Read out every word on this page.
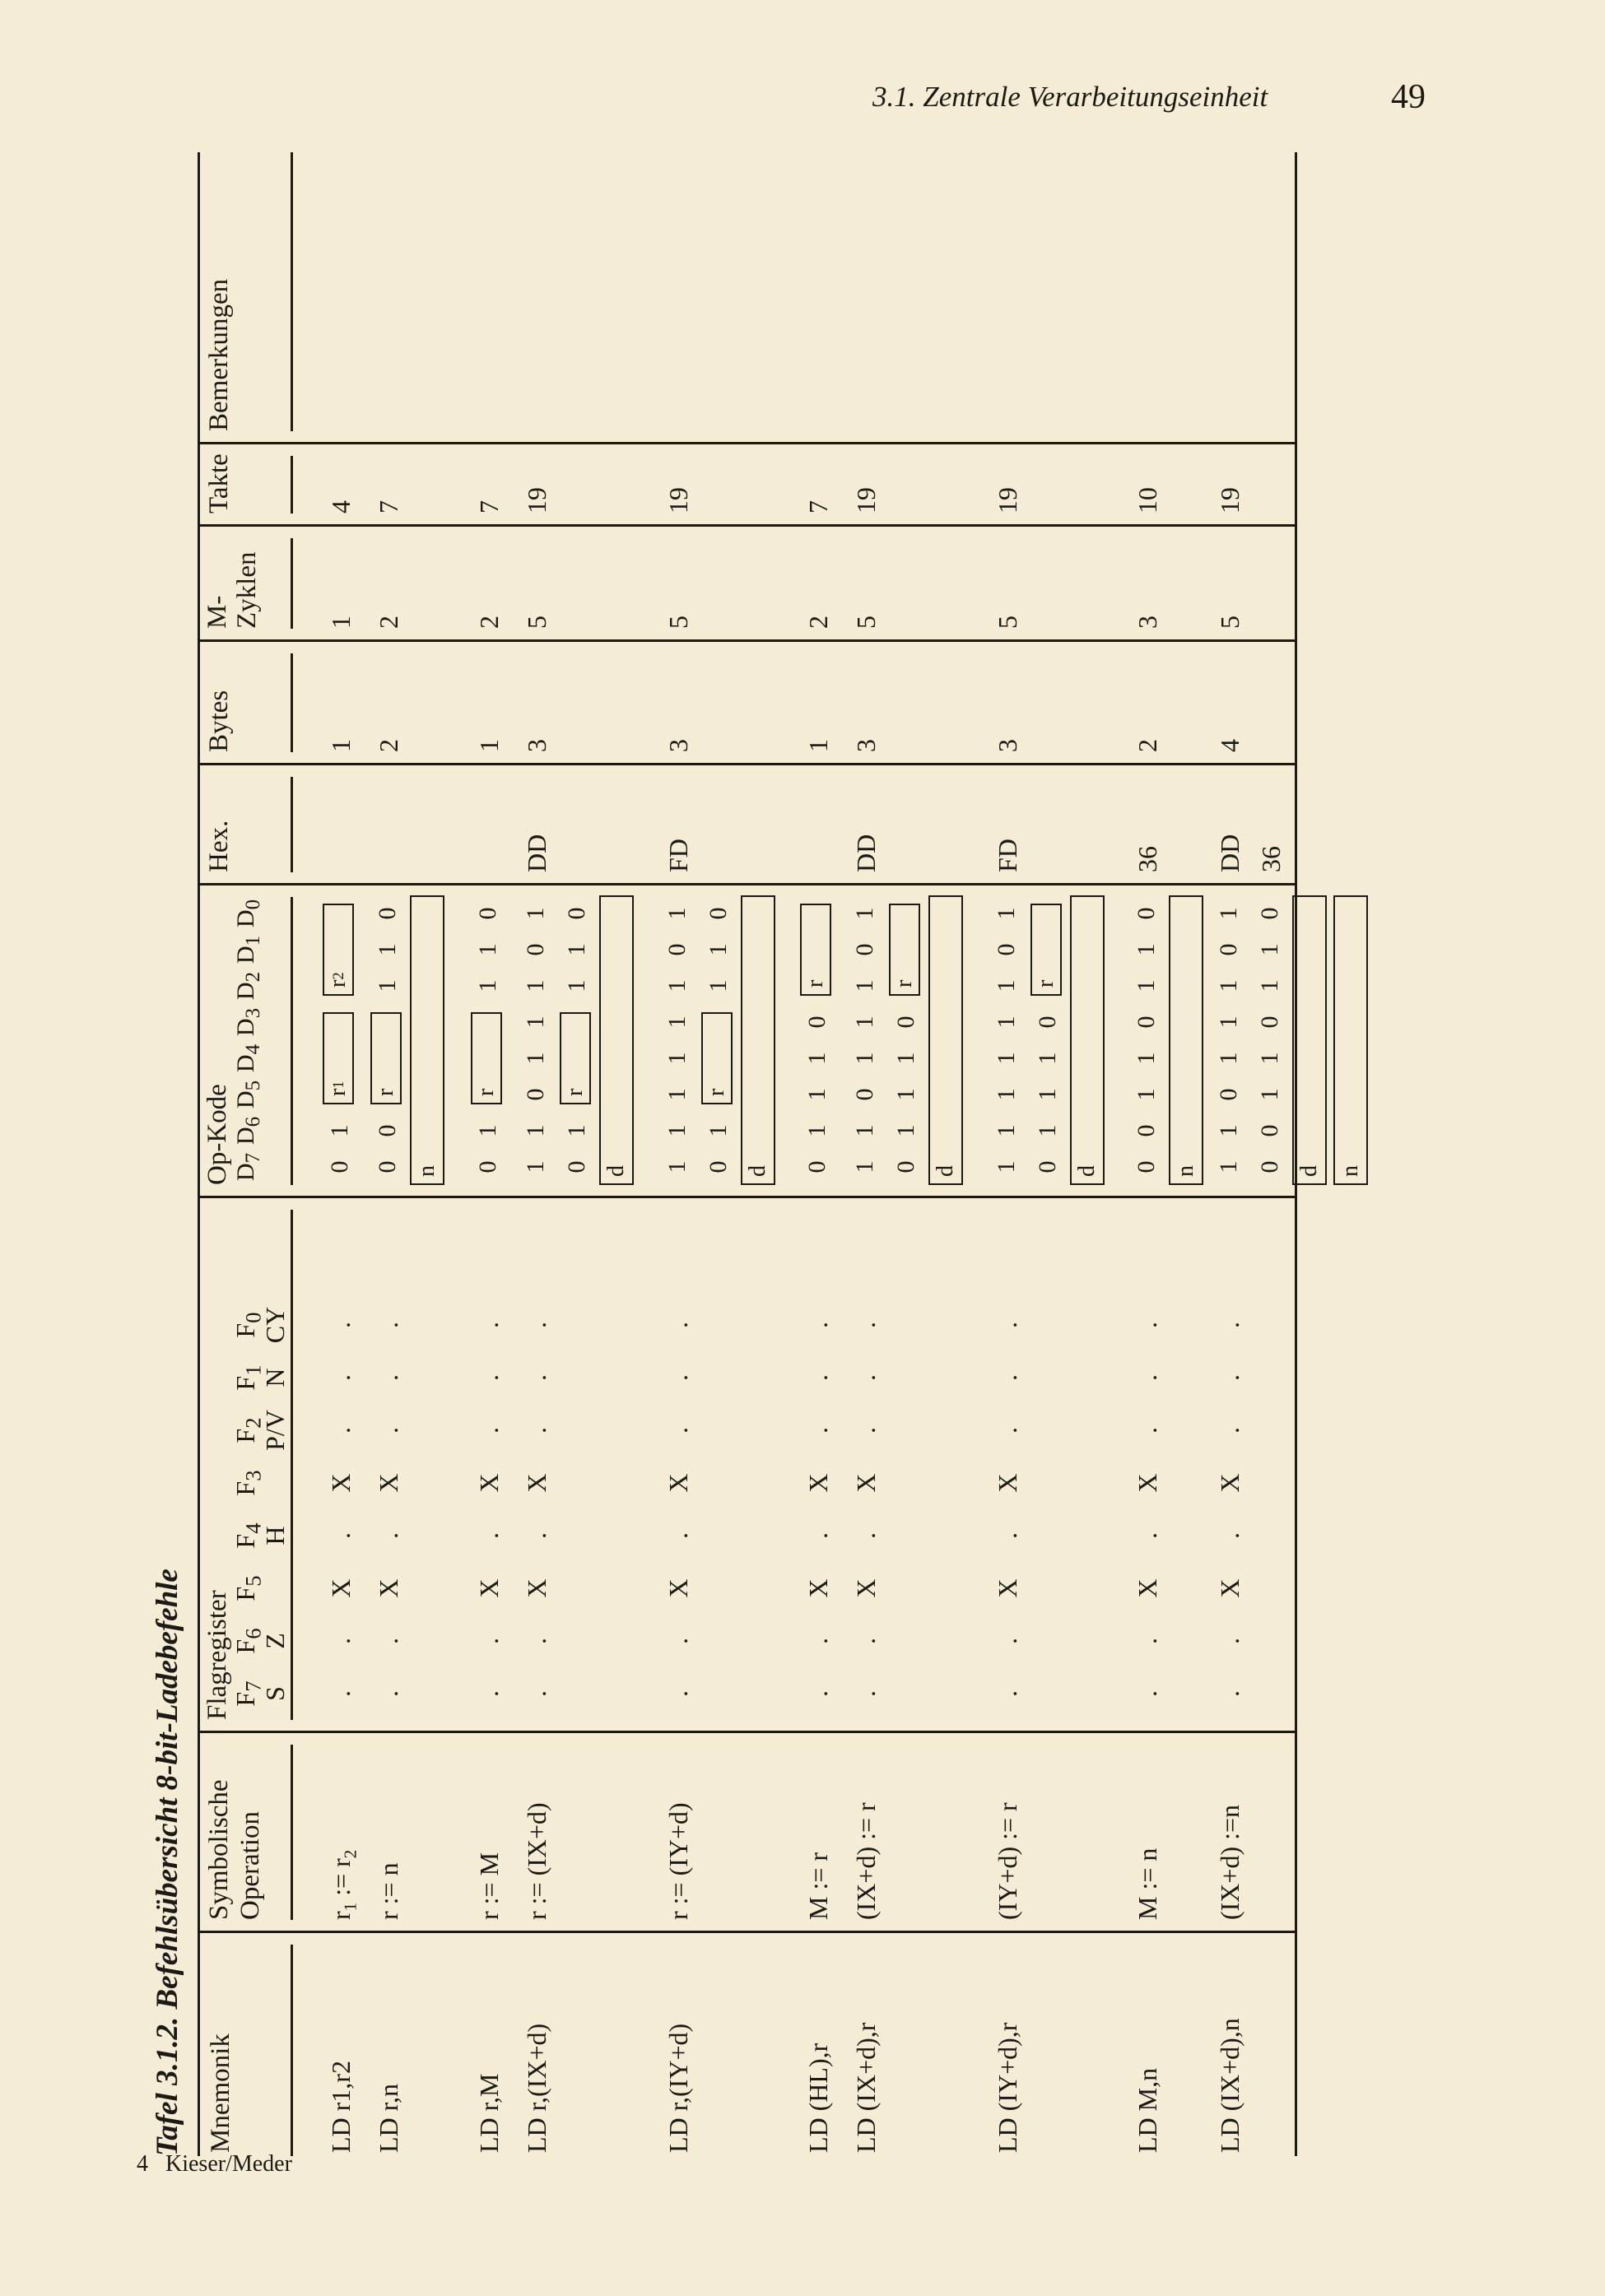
3.1. Zentrale Verarbeitungseinheit	49
Tafel 3.1.2. Befehlsübersicht 8-bit-Ladebefehle Mnemonik
Symbolische Operation
Flagregister
Op-Kode
Hex.
Bytes
M- Zyklen
Takte
Bemerkungen
$F_7$
$F_6$
$F_5$
$F_4$
$F_3$
$F_2$
$F_1$
$F_0$
S
Z
H
P/V
N
CY
$D_7$
$D_6$
$D_5$
$D_4$
$D_3$
$D_2$
$D_1$
$D_0$
LD r1,r2
$r_1$ := $r_2$
.
.
X
.
X
.
.
.
0
1
r
1
r
2
1
1
4
LD r,n
r := n
.
.
X
.
X
.
.
.
0
0
r
1
1
0
n
2
2
7
LD r,M
r := M
.
.
X
.
X
.
.
.
0
1
r
1
1
0
1
2
7
LD r,(IX+d)
r := (IX+d)
.
.
X
.
X
.
.
.
1
1
0
1
1
1
0
1
0
1
r
1
1
0
d
DD
3
5
19
LD r,(IY+d)
r := (IY+d)
.
.
X
.
X
.
.
.
1
1
1
1
1
1
0
1
0
1
r
1
1
0
d
FD
3
5
19
LD (HL),r
M := r
.
.
X
.
X
.
.
.
0
1
1
1
0
r
1
2
7
LD (IX+d),r
(IX+d) := r
.
.
X
.
X
.
.
.
1
1
0
1
1
1
0
1
0
1
1
1
0
r
d
DD
3
5
19
LD (IY+d),r
(IY+d) := r
.
.
X
.
X
.
.
.
1
1
1
1
1
1
0
1
0
1
1
1
0
r
d
FD
3
5
19
LD M,n
M := n
.
.
X
.
X
.
.
.
0
0
1
1
0
1
1
0
n
36
2
3
10
LD (IX+d),n
(IX+d) :=n
.
.
X
.
X
.
.
.
1
1
0
1
1
1
0
1
0
0
1
1
0
1
1
0
d n
DD 36
4
5
19
4 Kieser/Meder
